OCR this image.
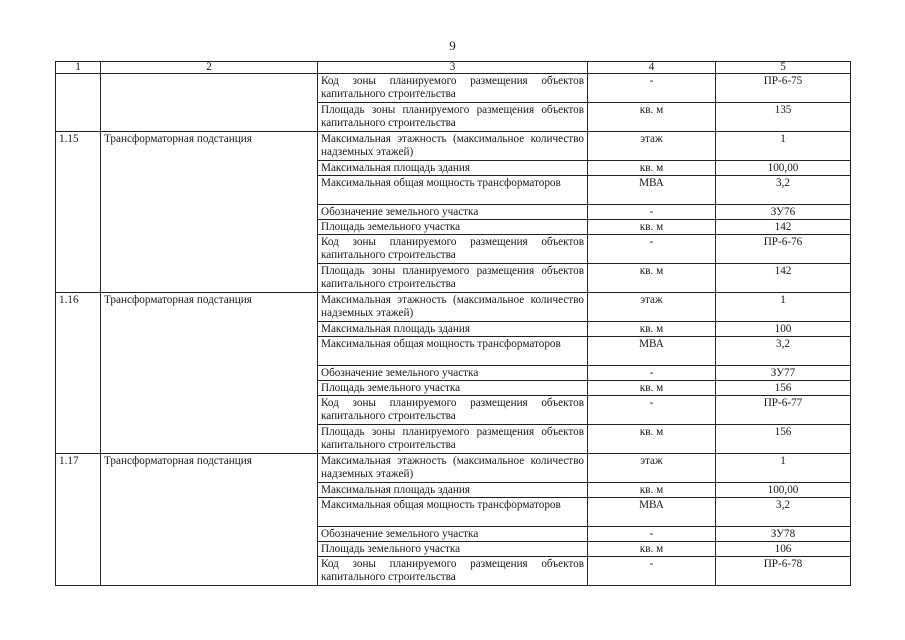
9
1	2	3	4	5
		Код зоны планируемого размещения объектов капитального строительства	-	ПР-6-75
		Площадь зоны планируемого размещения объектов капитального строительства	кв. м	135
1.15	Трансформаторная подстанция	Максимальная этажность (максимальное количество надземных этажей)	этаж	1
		Максимальная площадь здания	кв. м	100,00
		Максимальная общая мощность трансформаторов	МВА	3,2
		Обозначение земельного участка	-	ЗУ76
		Площадь земельного участка	кв. м	142
		Код зоны планируемого размещения объектов капитального строительства	-	ПР-6-76
		Площадь зоны планируемого размещения объектов капитального строительства	кв. м	142
1.16	Трансформаторная подстанция	Максимальная этажность (максимальное количество надземных этажей)	этаж	1
		Максимальная площадь здания	кв. м	100
		Максимальная общая мощность трансформаторов	МВА	3,2
		Обозначение земельного участка	-	ЗУ77
		Площадь земельного участка	кв. м	156
		Код зоны планируемого размещения объектов капитального строительства	-	ПР-6-77
		Площадь зоны планируемого размещения объектов капитального строительства	кв. м	156
1.17	Трансформаторная подстанция	Максимальная этажность (максимальное количество надземных этажей)	этаж	1
		Максимальная площадь здания	кв. м	100,00
		Максимальная общая мощность трансформаторов	МВА	3,2
		Обозначение земельного участка	-	ЗУ78
		Площадь земельного участка	кв. м	106
		Код зоны планируемого размещения объектов капитального строительства	-	ПР-6-78
